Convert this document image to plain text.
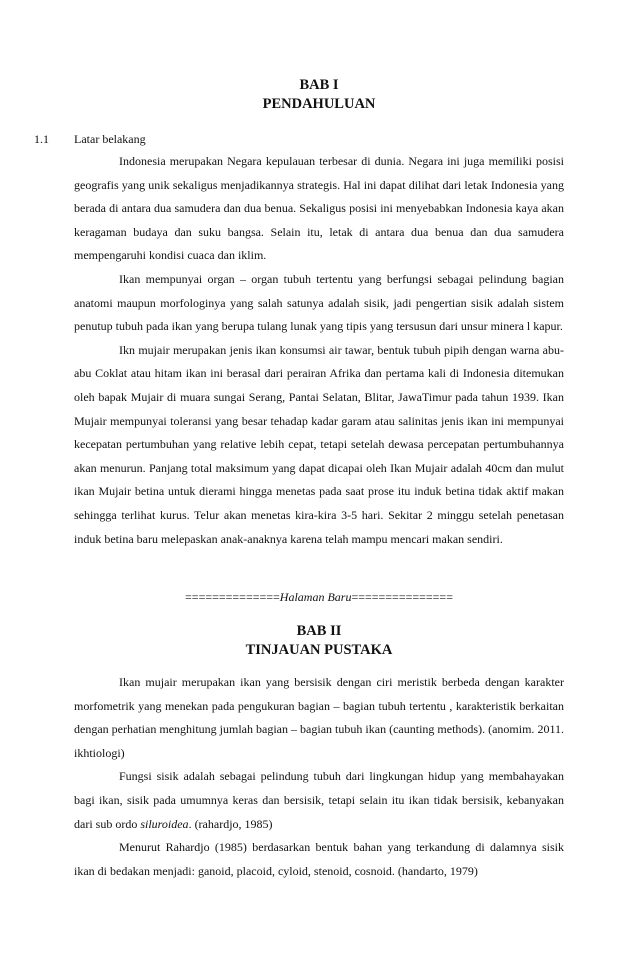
BAB I
PENDAHULUAN
1.1 Latar belakang

Indonesia merupakan Negara kepulauan terbesar di dunia. Negara ini juga memiliki posisi geografis yang unik sekaligus menjadikannya strategis. Hal ini dapat dilihat dari letak Indonesia yang berada di antara dua samudera dan dua benua. Sekaligus posisi ini menyebabkan Indonesia kaya akan keragaman budaya dan suku bangsa. Selain itu, letak di antara dua benua dan dua samudera mempengaruhi kondisi cuaca dan iklim.

Ikan mempunyai organ – organ tubuh tertentu yang berfungsi sebagai pelindung bagian anatomi maupun morfologinya yang salah satunya adalah sisik, jadi pengertian sisik adalah sistem penutup tubuh pada ikan yang berupa tulang lunak yang tipis yang tersusun dari unsur minera l kapur.

Ikn mujair merupakan jenis ikan konsumsi air tawar, bentuk tubuh pipih dengan warna abu-abu Coklat atau hitam ikan ini berasal dari perairan Afrika dan pertama kali di Indonesia ditemukan oleh bapak Mujair di muara sungai Serang, Pantai Selatan, Blitar, JawaTimur pada tahun 1939. Ikan Mujair mempunyai toleransi yang besar tehadap kadar garam atau salinitas jenis ikan ini mempunyai kecepatan pertumbuhan yang relative lebih cepat, tetapi setelah dewasa percepatan pertumbuhannya akan menurun. Panjang total maksimum yang dapat dicapai oleh Ikan Mujair adalah 40cm dan mulut ikan Mujair betina untuk dierami hingga menetas pada saat prose itu induk betina tidak aktif makan sehingga terlihat kurus. Telur akan menetas kira-kira 3-5 hari. Sekitar 2 minggu setelah penetasan induk betina baru melepaskan anak-anaknya karena telah mampu mencari makan sendiri.

==============Halaman Baru===============
BAB II
TINJAUAN PUSTAKA

Ikan mujair merupakan ikan yang bersisik dengan ciri meristik berbeda dengan karakter morfometrik yang menekan pada pengukuran bagian – bagian tubuh tertentu , karakteristik berkaitan dengan perhatian menghitung jumlah bagian – bagian tubuh ikan (caunting methods). (anomim. 2011. ikhtiologi)

Fungsi sisik adalah sebagai pelindung tubuh dari lingkungan hidup yang membahayakan bagi ikan, sisik pada umumnya keras dan bersisik, tetapi selain itu ikan tidak bersisik, kebanyakan dari sub ordo siluroidea. (rahardjo, 1985)

Menurut Rahardjo (1985) berdasarkan bentuk bahan yang terkandung di dalamnya sisik ikan di bedakan menjadi: ganoid, placoid, cyloid, stenoid, cosnoid. (handarto, 1979)
